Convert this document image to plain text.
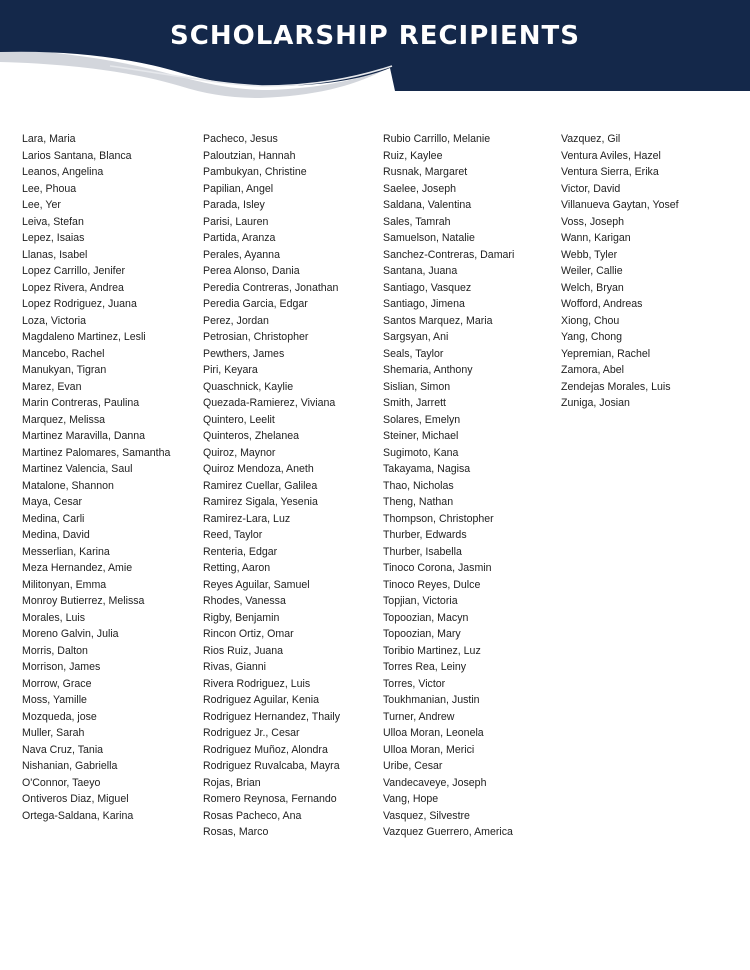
SCHOLARSHIP RECIPIENTS
Lara, Maria
Larios Santana, Blanca
Leanos, Angelina
Lee, Phoua
Lee, Yer
Leiva, Stefan
Lepez, Isaias
Llanas, Isabel
Lopez Carrillo, Jenifer
Lopez Rivera, Andrea
Lopez Rodriguez, Juana
Loza, Victoria
Magdaleno Martinez, Lesli
Mancebo, Rachel
Manukyan, Tigran
Marez, Evan
Marin Contreras, Paulina
Marquez, Melissa
Martinez Maravilla, Danna
Martinez Palomares, Samantha
Martinez Valencia, Saul
Matalone, Shannon
Maya, Cesar
Medina, Carli
Medina, David
Messerlian, Karina
Meza Hernandez, Amie
Militonyan, Emma
Monroy Butierrez, Melissa
Morales, Luis
Moreno Galvin, Julia
Morris, Dalton
Morrison, James
Morrow, Grace
Moss, Yamille
Mozqueda, jose
Muller, Sarah
Nava Cruz, Tania
Nishanian, Gabriella
O'Connor, Taeyo
Ontiveros Diaz, Miguel
Ortega-Saldana, Karina
Pacheco, Jesus
Paloutzian, Hannah
Pambukyan, Christine
Papilian, Angel
Parada, Isley
Parisi, Lauren
Partida, Aranza
Perales, Ayanna
Perea Alonso, Dania
Peredia Contreras, Jonathan
Peredia Garcia, Edgar
Perez, Jordan
Petrosian, Christopher
Pewthers, James
Piri, Keyara
Quaschnick, Kaylie
Quezada-Ramierez, Viviana
Quintero, Leelit
Quinteros, Zhelanea
Quiroz, Maynor
Quiroz Mendoza, Aneth
Ramirez Cuellar, Galilea
Ramirez Sigala, Yesenia
Ramirez-Lara, Luz
Reed, Taylor
Renteria, Edgar
Retting, Aaron
Reyes Aguilar, Samuel
Rhodes, Vanessa
Rigby, Benjamin
Rincon Ortiz, Omar
Rios Ruiz, Juana
Rivas, Gianni
Rivera Rodriguez, Luis
Rodriguez Aguilar, Kenia
Rodriguez Hernandez, Thaily
Rodriguez Jr., Cesar
Rodriguez Muñoz, Alondra
Rodriguez Ruvalcaba, Mayra
Rojas, Brian
Romero Reynosa, Fernando
Rosas Pacheco, Ana
Rosas, Marco
Rubio Carrillo, Melanie
Ruiz, Kaylee
Rusnak, Margaret
Saelee, Joseph
Saldana, Valentina
Sales, Tamrah
Samuelson, Natalie
Sanchez-Contreras, Damari
Santana, Juana
Santiago, Vasquez
Santiago, Jimena
Santos Marquez, Maria
Sargsyan, Ani
Seals, Taylor
Shemaria, Anthony
Sislian, Simon
Smith, Jarrett
Solares, Emelyn
Steiner, Michael
Sugimoto, Kana
Takayama, Nagisa
Thao, Nicholas
Theng, Nathan
Thompson, Christopher
Thurber, Edwards
Thurber, Isabella
Tinoco Corona, Jasmin
Tinoco Reyes, Dulce
Topjian, Victoria
Topoozian, Macyn
Topoozian, Mary
Toribio Martinez, Luz
Torres Rea, Leiny
Torres, Victor
Toukhmanian, Justin
Turner, Andrew
Ulloa Moran, Leonela
Ulloa Moran, Merici
Uribe, Cesar
Vandecaveye, Joseph
Vang, Hope
Vasquez, Silvestre
Vazquez Guerrero, America
Vazquez, Gil
Ventura Aviles, Hazel
Ventura Sierra, Erika
Victor, David
Villanueva Gaytan, Yosef
Voss, Joseph
Wann, Karigan
Webb, Tyler
Weiler, Callie
Welch, Bryan
Wofford, Andreas
Xiong, Chou
Yang, Chong
Yepremian, Rachel
Zamora, Abel
Zendejas Morales, Luis
Zuniga, Josian
